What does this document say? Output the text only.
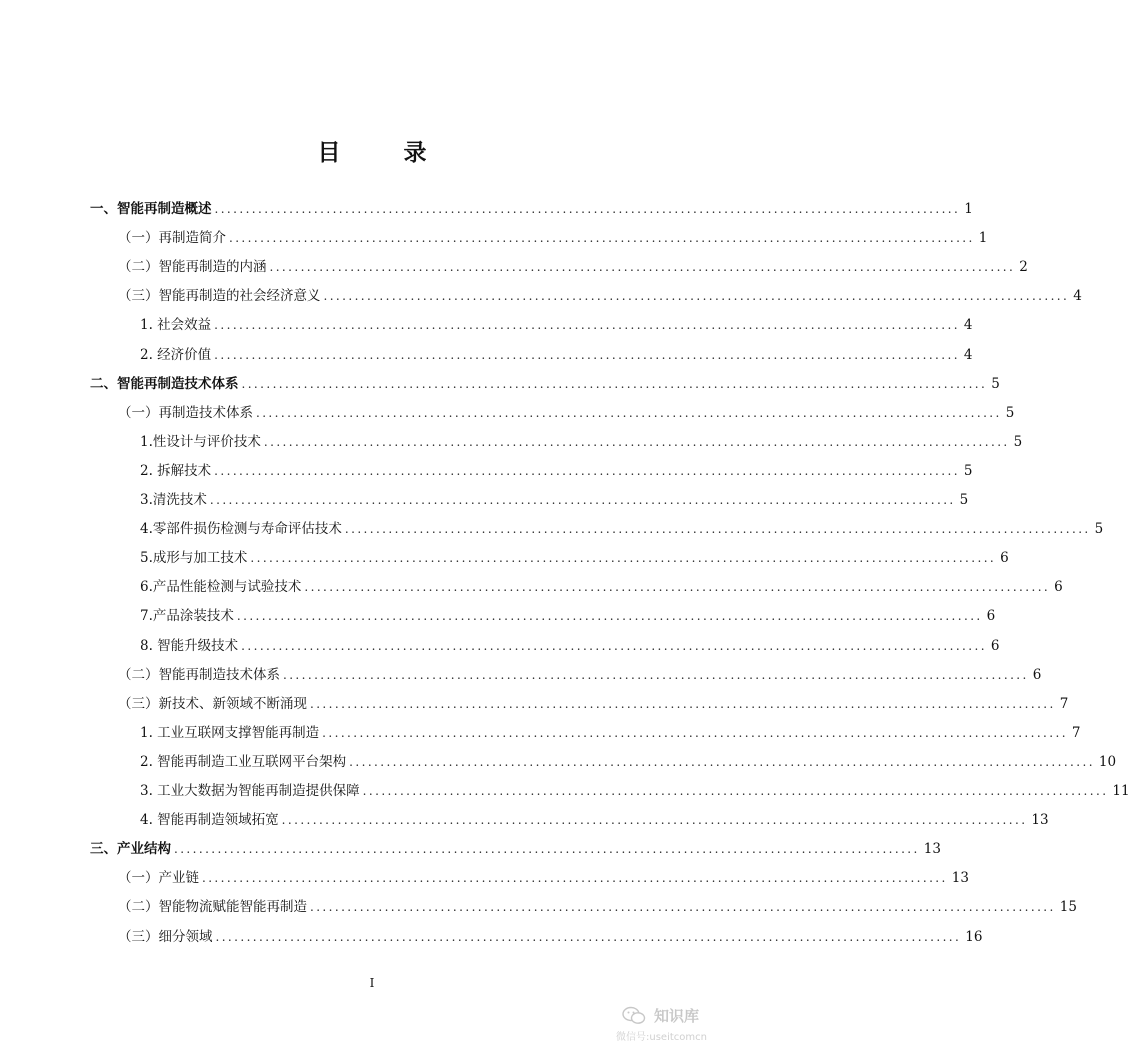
目　录
一、智能再制造概述 ........................................................................................................................ 1
（一）再制造简介 ........................................................................................................................ 1
（二）智能再制造的内涵 ........................................................................................................................ 2
（三）智能再制造的社会经济意义 ........................................................................................................................ 4
1. 社会效益 ........................................................................................................................ 4
2. 经济价值 ........................................................................................................................ 4
二、智能再制造技术体系 ........................................................................................................................ 5
（一）再制造技术体系 ........................................................................................................................ 5
1.性设计与评价技术 ........................................................................................................................ 5
2. 拆解技术 ........................................................................................................................ 5
3.清洗技术 ........................................................................................................................ 5
4.零部件损伤检测与寿命评估技术 ........................................................................................................................ 5
5.成形与加工技术 ........................................................................................................................ 6
6.产品性能检测与试验技术 ........................................................................................................................ 6
7.产品涂装技术 ........................................................................................................................ 6
8. 智能升级技术 ........................................................................................................................ 6
（二）智能再制造技术体系 ........................................................................................................................ 6
（三）新技术、新领域不断涌现 ........................................................................................................................ 7
1. 工业互联网支撑智能再制造 ........................................................................................................................ 7
2. 智能再制造工业互联网平台架构 ........................................................................................................................ 10
3. 工业大数据为智能再制造提供保障 ........................................................................................................................ 11
4. 智能再制造领域拓宽 ........................................................................................................................ 13
三、产业结构 ........................................................................................................................ 13
（一）产业链 ........................................................................................................................ 13
（二）智能物流赋能智能再制造 ........................................................................................................................ 15
（三）细分领域 ........................................................................................................................ 16
I
知识库
微信号:useitcomcn
